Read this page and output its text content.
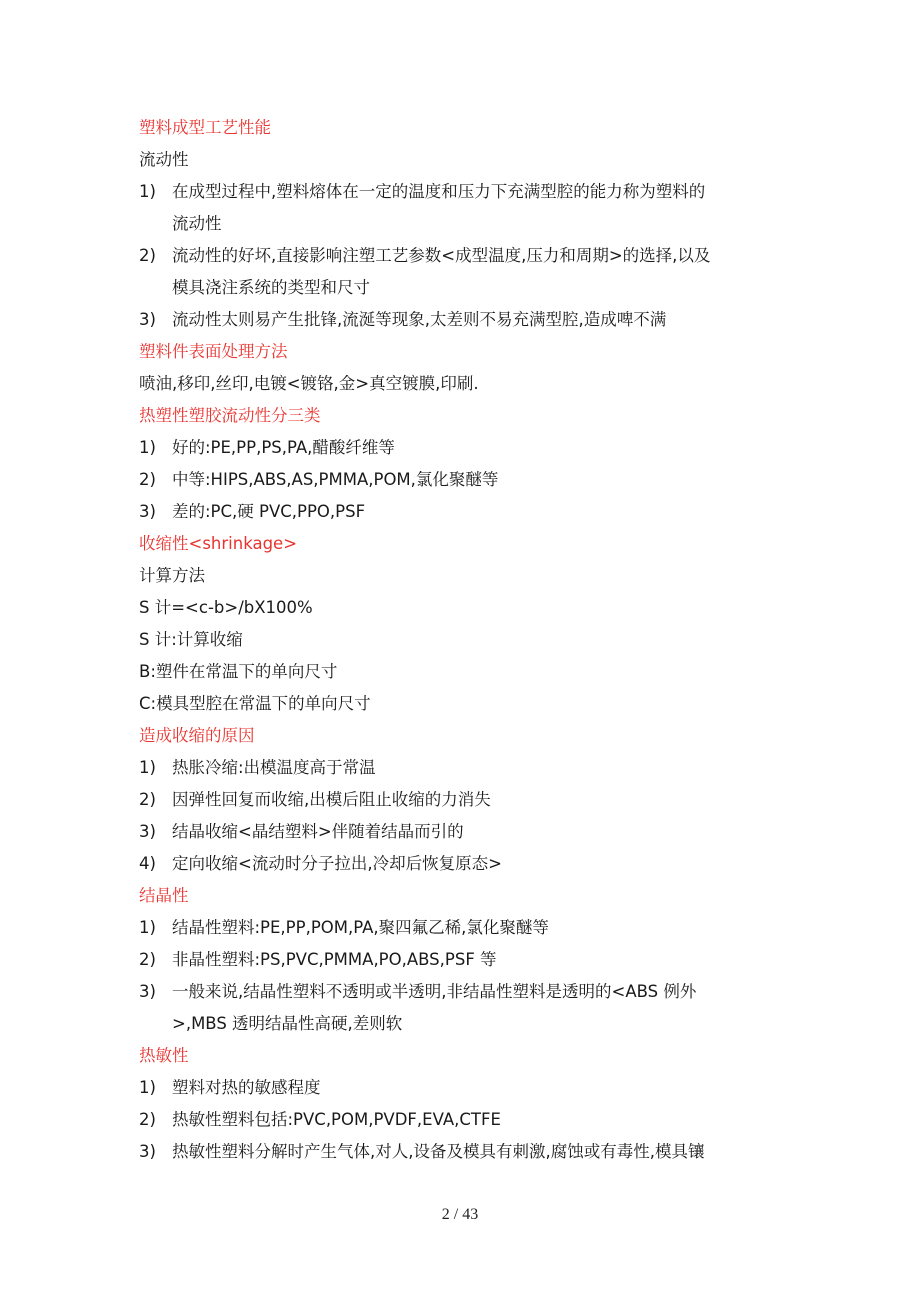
塑料成型工艺性能
流动性
1) 在成型过程中,塑料熔体在一定的温度和压力下充满型腔的能力称为塑料的
流动性
2) 流动性的好坏,直接影响注塑工艺参数<成型温度,压力和周期>的选择,以及
模具浇注系统的类型和尺寸
3) 流动性太则易产生批锋,流涎等现象,太差则不易充满型腔,造成啤不满
塑料件表面处理方法
喷油,移印,丝印,电镀<镀铬,金>真空镀膜,印刷.
热塑性塑胶流动性分三类
1) 好的:PE,PP,PS,PA,醋酸纤维等
2) 中等:HIPS,ABS,AS,PMMA,POM,氯化聚醚等
3) 差的:PC,硬 PVC,PPO,PSF
收缩性<shrinkage>
计算方法
S 计=<c-b>/bX100%
S 计:计算收缩
B:塑件在常温下的单向尺寸
C:模具型腔在常温下的单向尺寸
造成收缩的原因
1) 热胀冷缩:出模温度高于常温
2) 因弹性回复而收缩,出模后阻止收缩的力消失
3) 结晶收缩<晶结塑料>伴随着结晶而引的
4) 定向收缩<流动时分子拉出,冷却后恢复原态>
结晶性
1) 结晶性塑料:PE,PP,POM,PA,聚四氟乙稀,氯化聚醚等
2) 非晶性塑料:PS,PVC,PMMA,PO,ABS,PSF 等
3) 一般来说,结晶性塑料不透明或半透明,非结晶性塑料是透明的<ABS 例外
>,MBS 透明结晶性高硬,差则软
热敏性
1) 塑料对热的敏感程度
2) 热敏性塑料包括:PVC,POM,PVDF,EVA,CTFE
3) 热敏性塑料分解时产生气体,对人,设备及模具有刺激,腐蚀或有毒性,模具镶
2 / 43
